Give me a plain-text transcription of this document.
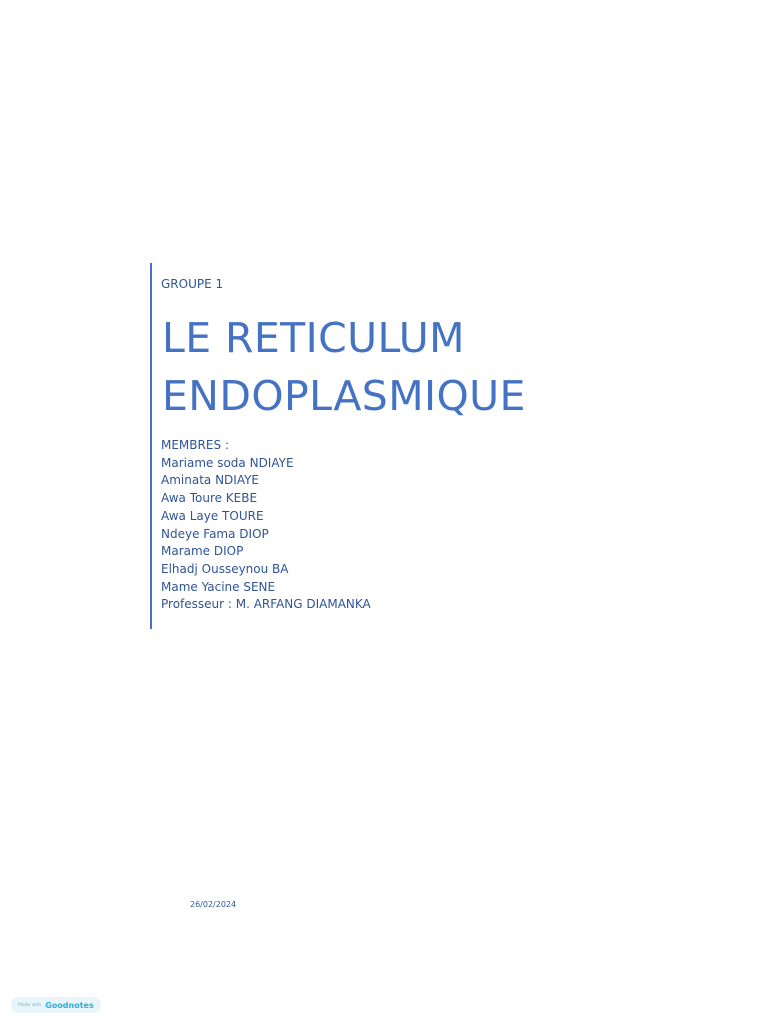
GROUPE 1
LE RETICULUM
ENDOPLASMIQUE
MEMBRES :
Mariame soda NDIAYE
Aminata NDIAYE
Awa Toure KEBE
Awa Laye TOURE
Ndeye Fama DIOP
Marame DIOP
Elhadj Ousseynou BA
Mame Yacine SENE
Professeur : M. ARFANG DIAMANKA
26/02/2024
Made with Goodnotes
